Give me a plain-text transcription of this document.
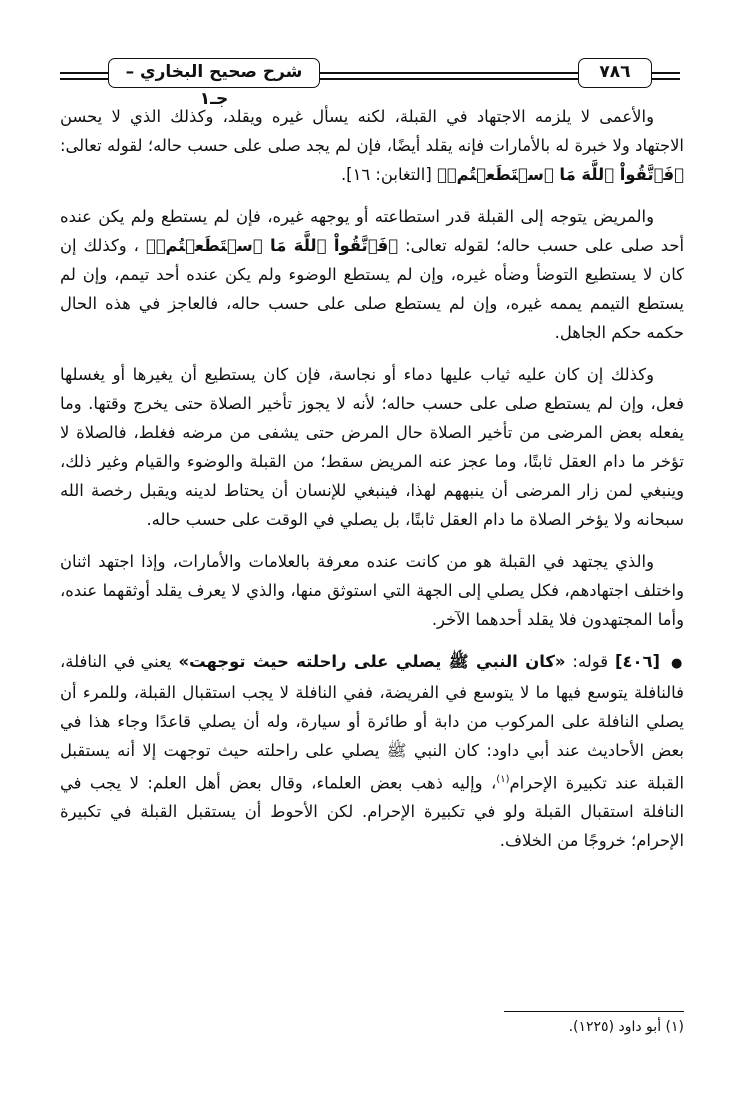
شرح صحيح البخاري – جـ١
٧٨٦

والأعمى لا يلزمه الاجتهاد في القبلة، لكنه يسأل غيره ويقلد، وكذلك الذي لا يحسن الاجتهاد ولا خبرة له بالأمارات فإنه يقلد أيضًا، فإن لم يجد صلى على حسب حاله؛ لقوله تعالى: ﴿فَٱتَّقُواْ ٱللَّهَ مَا ٱسۡتَطَعۡتُمۡ﴾ [التغابن: ١٦].

والمريض يتوجه إلى القبلة قدر استطاعته أو يوجهه غيره، فإن لم يستطع ولم يكن عنده أحد صلى على حسب حاله؛ لقوله تعالى: ﴿فَٱتَّقُواْ ٱللَّهَ مَا ٱسۡتَطَعۡتُمۡ﴾ ، وكذلك إن كان لا يستطيع التوضأ وضأه غيره، وإن لم يستطع الوضوء ولم يكن عنده أحد تيمم، وإن لم يستطع التيمم يممه غيره، وإن لم يستطع صلى على حسب حاله، فالعاجز في هذه الحال حكمه حكم الجاهل.

وكذلك إن كان عليه ثياب عليها دماء أو نجاسة، فإن كان يستطيع أن يغيرها أو يغسلها فعل، وإن لم يستطع صلى على حسب حاله؛ لأنه لا يجوز تأخير الصلاة حتى يخرج وقتها. وما يفعله بعض المرضى من تأخير الصلاة حال المرض حتى يشفى من مرضه فغلط، فالصلاة لا تؤخر ما دام العقل ثابتًا، وما عجز عنه المريض سقط؛ من القبلة والوضوء والقيام وغير ذلك، وينبغي لمن زار المرضى أن ينبههم لهذا، فينبغي للإنسان أن يحتاط لدينه ويقبل رخصة الله سبحانه ولا يؤخر الصلاة ما دام العقل ثابتًا، بل يصلي في الوقت على حسب حاله.

والذي يجتهد في القبلة هو من كانت عنده معرفة بالعلامات والأمارات، وإذا اجتهد اثنان واختلف اجتهادهم، فكل يصلي إلى الجهة التي استوثق منها، والذي لا يعرف يقلد أوثقهما عنده، وأما المجتهدون فلا يقلد أحدهما الآخر.

● [٤٠٦] قوله: «كان النبي ﷺ يصلي على راحلته حيث توجهت» يعني في النافلة، فالنافلة يتوسع فيها ما لا يتوسع في الفريضة، ففي النافلة لا يجب استقبال القبلة، وللمرء أن يصلي النافلة على المركوب من دابة أو طائرة أو سيارة، وله أن يصلي قاعدًا وجاء هذا في بعض الأحاديث عند أبي داود: كان النبي ﷺ يصلي على راحلته حيث توجهت إلا أنه يستقبل القبلة عند تكبيرة الإحرام$^{(١)}$، وإليه ذهب بعض العلماء، وقال بعض أهل العلم: لا يجب في النافلة استقبال القبلة ولو في تكبيرة الإحرام. لكن الأحوط أن يستقبل القبلة في تكبيرة الإحرام؛ خروجًا من الخلاف.

(١) أبو داود (١٢٢٥).
